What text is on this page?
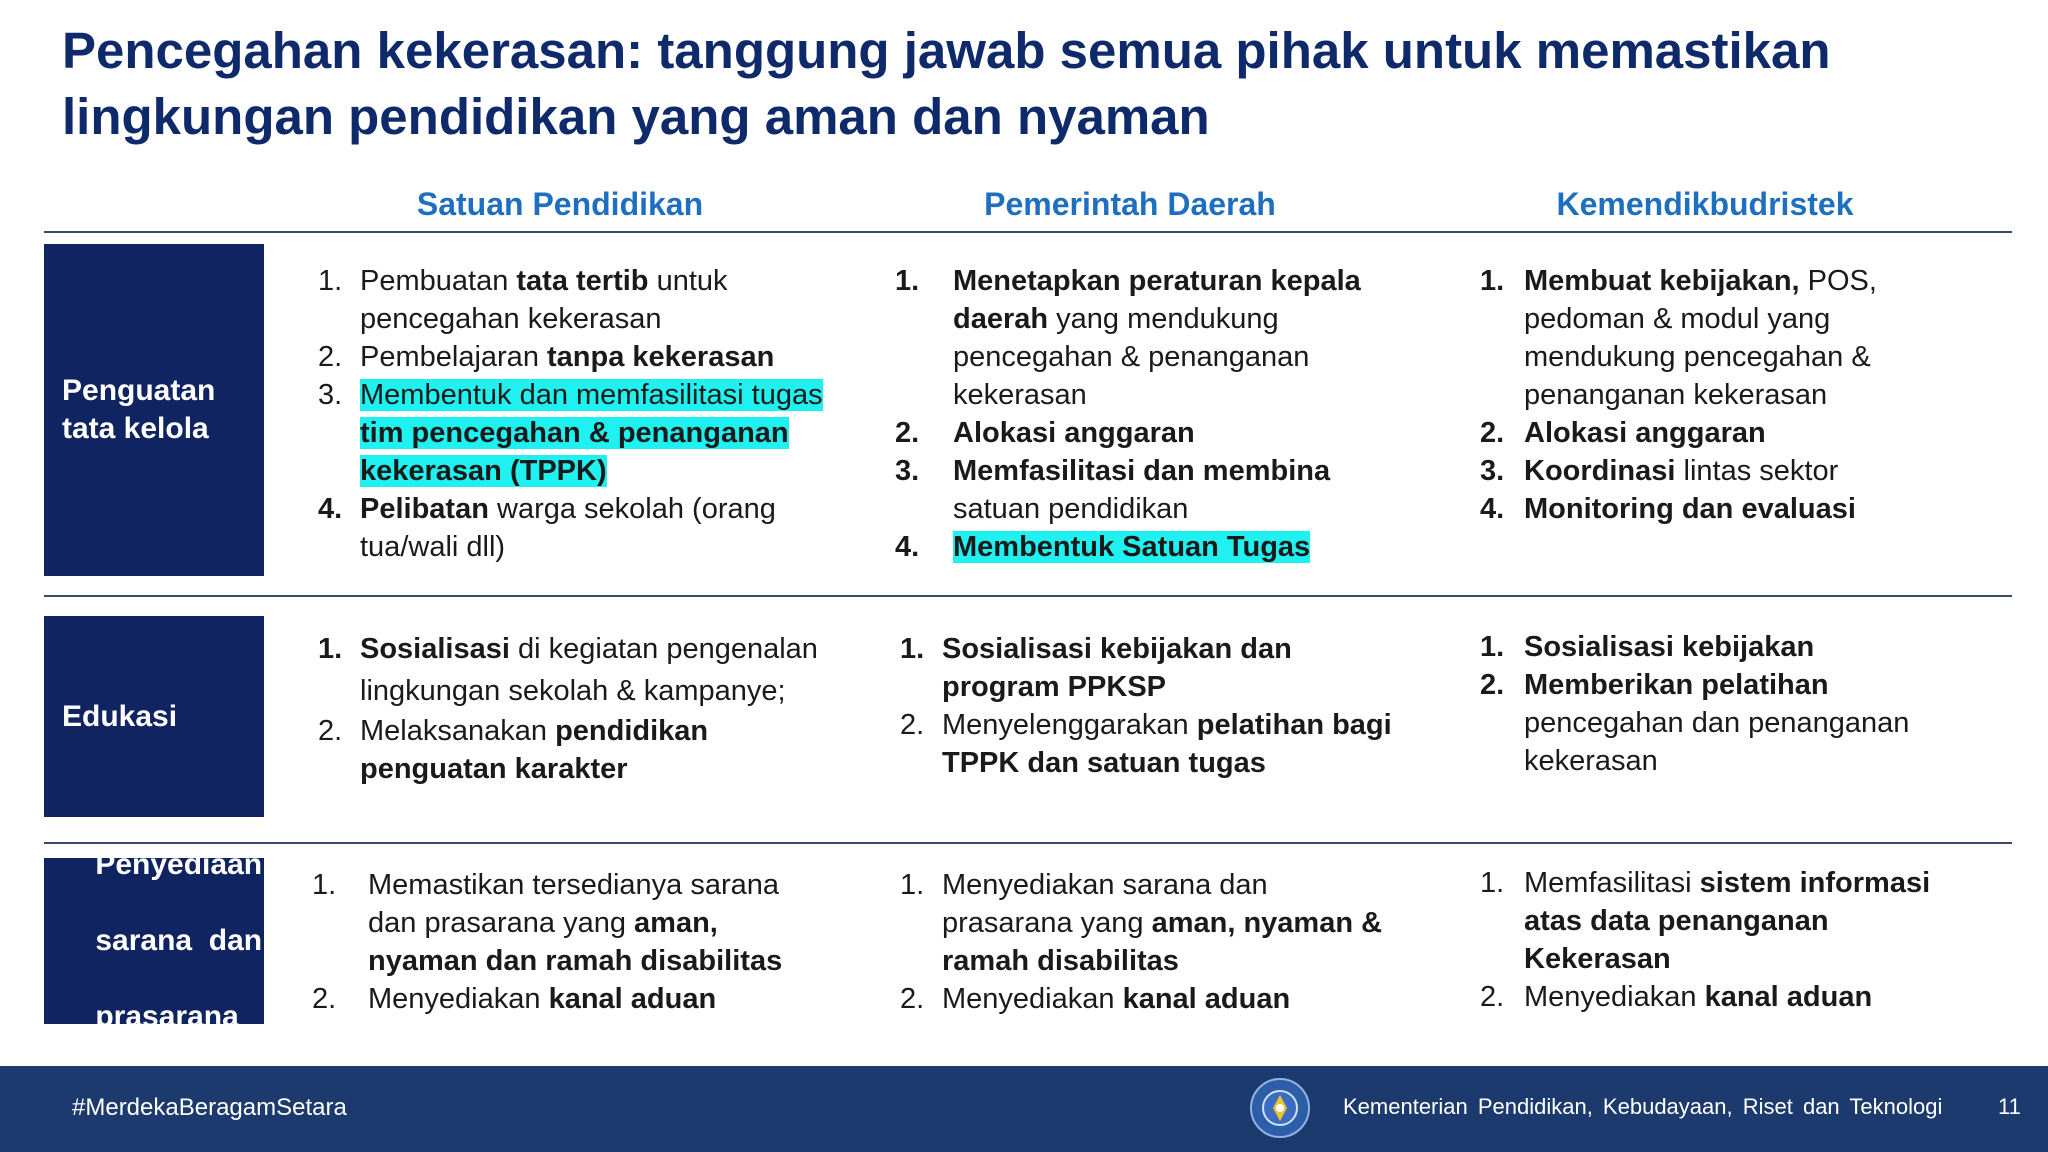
Pencegahan kekerasan: tanggung jawab semua pihak untuk memastikan
lingkungan pendidikan yang aman dan nyaman
Satuan Pendidikan	Pemerintah Daerah	Kemendikbudristek
Penguatan
tata kelola
1. Pembuatan tata tertib untuk pencegahan kekerasan
2. Pembelajaran tanpa kekerasan
3. Membentuk dan memfasilitasi tugas tim pencegahan & penanganan kekerasan (TPPK)
4. Pelibatan warga sekolah (orang tua/wali dll)
1.	Menetapkan peraturan kepala daerah yang mendukung pencegahan & penanganan kekerasan
2.	Alokasi anggaran
3.	Memfasilitasi dan membina satuan pendidikan
4.	Membentuk Satuan Tugas
1. Membuat kebijakan, POS, pedoman & modul yang mendukung pencegahan & penanganan kekerasan
2. Alokasi anggaran
3. Koordinasi lintas sektor
4. Monitoring dan evaluasi
Edukasi
1. Sosialisasi di kegiatan pengenalan lingkungan sekolah & kampanye;
2. Melaksanakan pendidikan penguatan karakter
1. Sosialisasi kebijakan dan program PPKSP
2. Menyelenggarakan pelatihan bagi TPPK dan satuan tugas
1. Sosialisasi kebijakan
2. Memberikan pelatihan pencegahan dan penanganan kekerasan

Penyediaan

sarana  dan

prasarana

1.	Memastikan tersedianya sarana dan prasarana yang aman, nyaman dan ramah disabilitas
2.	Menyediakan kanal aduan
1. Menyediakan sarana dan prasarana yang aman, nyaman & ramah disabilitas
2. Menyediakan kanal aduan
1. Memfasilitasi sistem informasi atas data penanganan Kekerasan
2. Menyediakan kanal aduan
#MerdekaBeragamSetara	Kementerian Pendidikan, Kebudayaan, Riset dan Teknologi	11
